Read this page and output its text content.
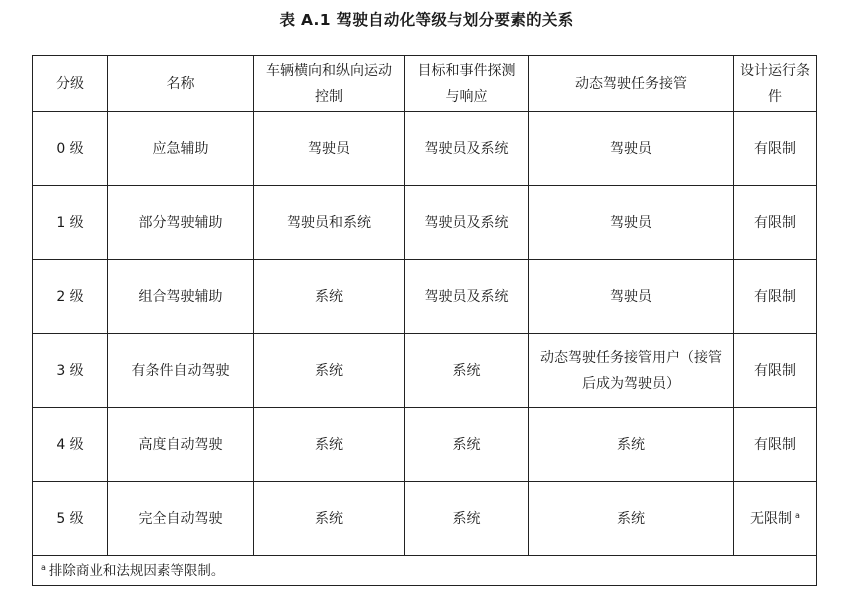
表 A.1 驾驶自动化等级与划分要素的关系
分级	名称	车辆横向和纵向运动控制	目标和事件探测与响应	动态驾驶任务接管	设计运行条件
0 级	应急辅助	驾驶员	驾驶员及系统	驾驶员	有限制
1 级	部分驾驶辅助	驾驶员和系统	驾驶员及系统	驾驶员	有限制
2 级	组合驾驶辅助	系统	驾驶员及系统	驾驶员	有限制
3 级	有条件自动驾驶	系统	系统	动态驾驶任务接管用户（接管后成为驾驶员）	有限制
4 级	高度自动驾驶	系统	系统	系统	有限制
5 级	完全自动驾驶	系统	系统	系统	无限制 $^a$
$^a$ 排除商业和法规因素等限制。					
